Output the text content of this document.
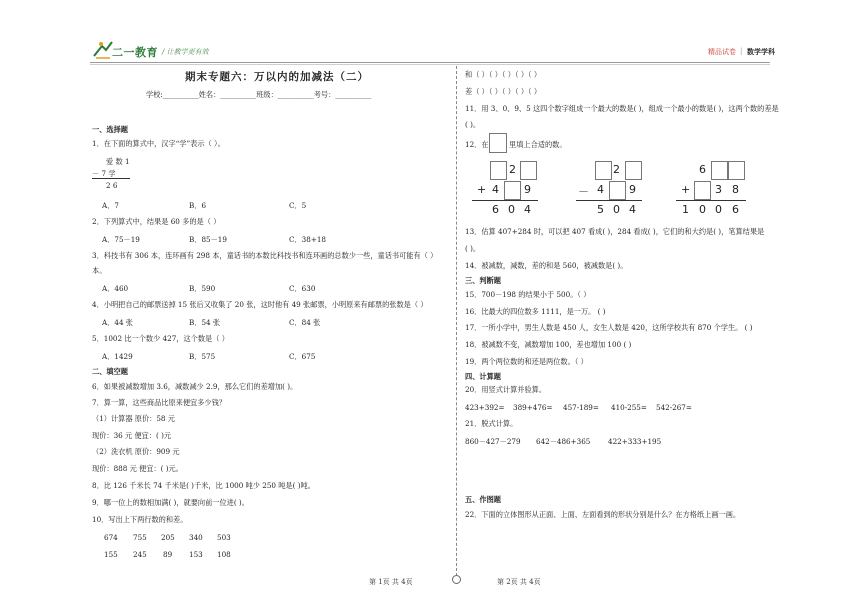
二一教育 / 让教学更有效	精品试卷 | 数学学科
期末专题六：万以内的加减法（二）
学校:__________姓名：__________班级：__________考号：__________
一、选择题
1．在下面的算式中，汉字“学”表示（ ）。
爱 数 1
－ 7 学
2 6
A．7	B．6	C．5
2．下列算式中，结果是 60 多的是（ ）
A．75－19	B．85－19	C．38+18
3．科技书有 306 本，连环画有 298 本，童话书的本数比科技书和连环画的总数少一些，童话书可能有（ ）
本。
A．460	B．590	C．630
4．小明把自己的邮票送掉 15 张后又收集了 20 张，这时他有 49 张邮票，小明原来有邮票的张数是（ ）
A．44 张	B．54 张	C．84 张
5．1002 比一个数少 427，这个数是（ ）
A．1429	B．575	C．675
二、填空题
6．如果被减数增加 3.6，减数减少 2.9，那么它们的差增加( )。
7．算一算，这些商品比原来便宜多少钱？
（1）计算器 原价：58 元
现价：36 元 便宜：( )元
（2）洗衣机 原价：909 元
现价：888 元 便宜：( )元。
8．比 126 千米长 74 千米是( )千米，比 1000 吨少 250 吨是( )吨。
9．哪一位上的数相加满( )，就要向前一位进( )。
10．写出上下两行数的和差。
674 755 205 340 503
155 245 89 153 108
和（ ）（ ）（ ）（ ）（ ）
差（ ）（ ）（ ）（ ）（ ）
11．用 3、0、9、5 这四个数字组成一个最大的数是( )，组成一个最小的数是( )，这两个数的差是
( )。
12．在	里填上合适的数。
2
+ 4 9
6 0 4
2
－ 4 9
5 0 4
6
+ 3 8
1 0 0 6
13．估算 407+284 时，可以把 407 看成( )，284 看成( )，它们的和大约是( )，笔算结果是
( )。
14．被减数，减数，差的和是 560，被减数是( )。
三、判断题
15．700－198 的结果小于 500。（ ）
16．比最大的四位数多 1111，是一万。 ( )
17．一所小学中，男生人数是 450 人，女生人数是 420，这所学校共有 870 个学生。 ( )
18．被减数不变，减数增加 100，差也增加 100 ( )
19．两个两位数的和还是两位数。（ ）
四、计算题
20．用竖式计算并验算。
423+392= 389+476= 457-189= 410-255= 542-267=
21．脱式计算。
860－427－279 642－486+365 422+333+195
五、作图题
22．下面的立体图形从正面、上面、左面看到的形状分别是什么？在方格纸上画一画。
第 1页 共 4页	第 2页 共 4页
